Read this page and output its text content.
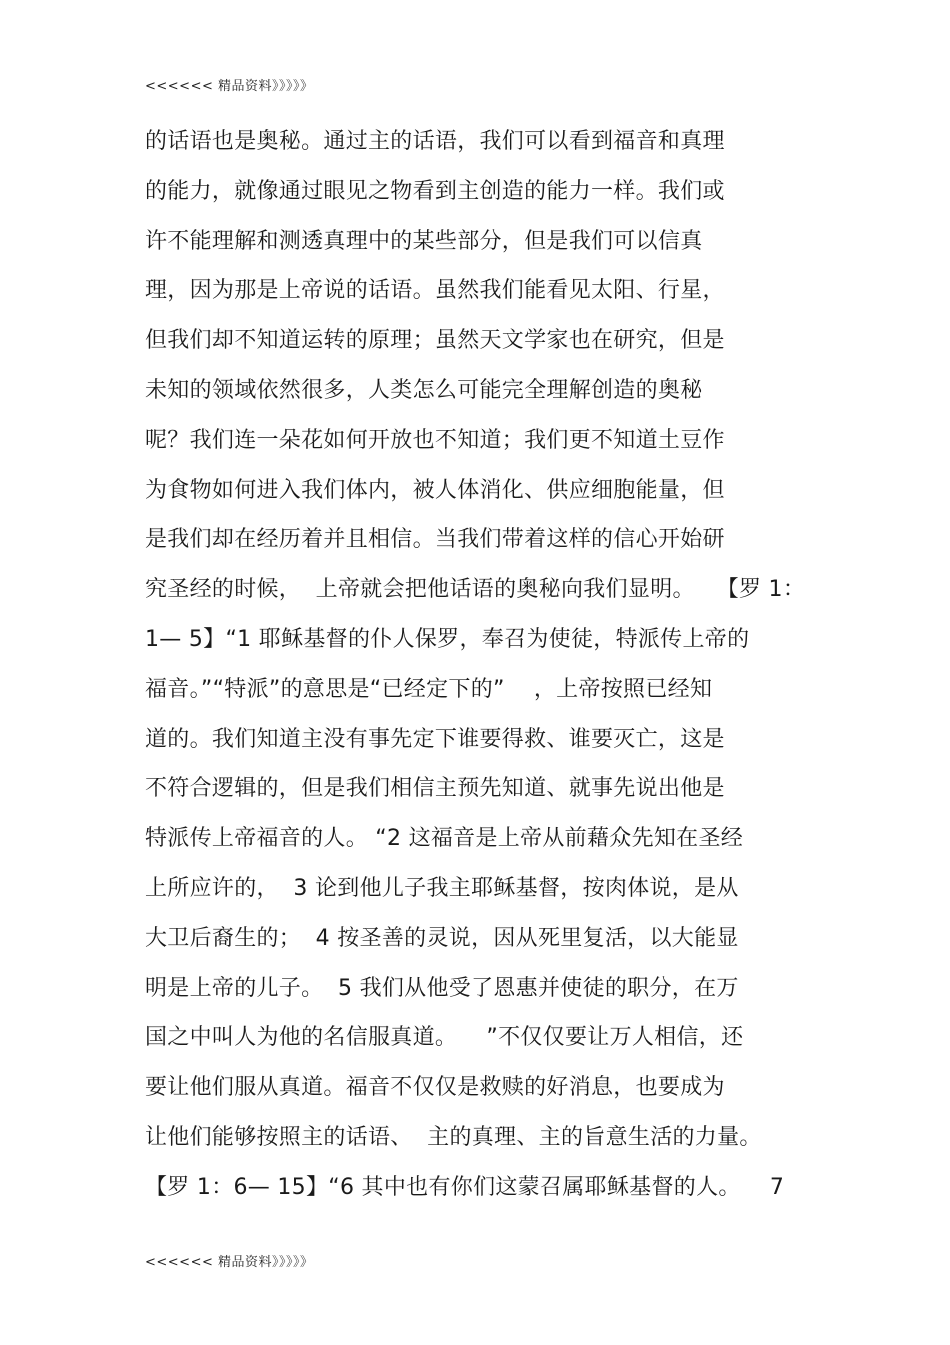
<<<<<< 精品资料》》》》》
的话语也是奥秘。通过主的话语，我们可以看到福音和真理
的能力，就像通过眼见之物看到主创造的能力一样。我们或
许不能理解和测透真理中的某些部分，但是我们可以信真
理，因为那是上帝说的话语。虽然我们能看见太阳、行星，
但我们却不知道运转的原理；虽然天文学家也在研究，但是
未知的领域依然很多，人类怎么可能完全理解创造的奥秘
呢？我们连一朵花如何开放也不知道；我们更不知道土豆作
为食物如何进入我们体内，被人体消化、供应细胞能量，但
是我们却在经历着并且相信。当我们带着这样的信心开始研
究圣经的时候，  上帝就会把他话语的奥秘向我们显明。   【罗 1：
1— 5】“1 耶稣基督的仆人保罗，奉召为使徒，特派传上帝的
福音。”“特派”的意思是“已经定下的”    ，上帝按照已经知
道的。我们知道主没有事先定下谁要得救、谁要灭亡，这是
不符合逻辑的，但是我们相信主预先知道、就事先说出他是
特派传上帝福音的人。 “2 这福音是上帝从前藉众先知在圣经
上所应许的，  3 论到他儿子我主耶稣基督，按肉体说，是从
大卫后裔生的；  4 按圣善的灵说，因从死里复活，以大能显
明是上帝的儿子。  5 我们从他受了恩惠并使徒的职分，在万
国之中叫人为他的名信服真道。    ”不仅仅要让万人相信，还
要让他们服从真道。福音不仅仅是救赎的好消息，也要成为
让他们能够按照主的话语、  主的真理、主的旨意生活的力量。
【罗 1：6— 15】“6 其中也有你们这蒙召属耶稣基督的人。    7
<<<<<< 精品资料》》》》》
